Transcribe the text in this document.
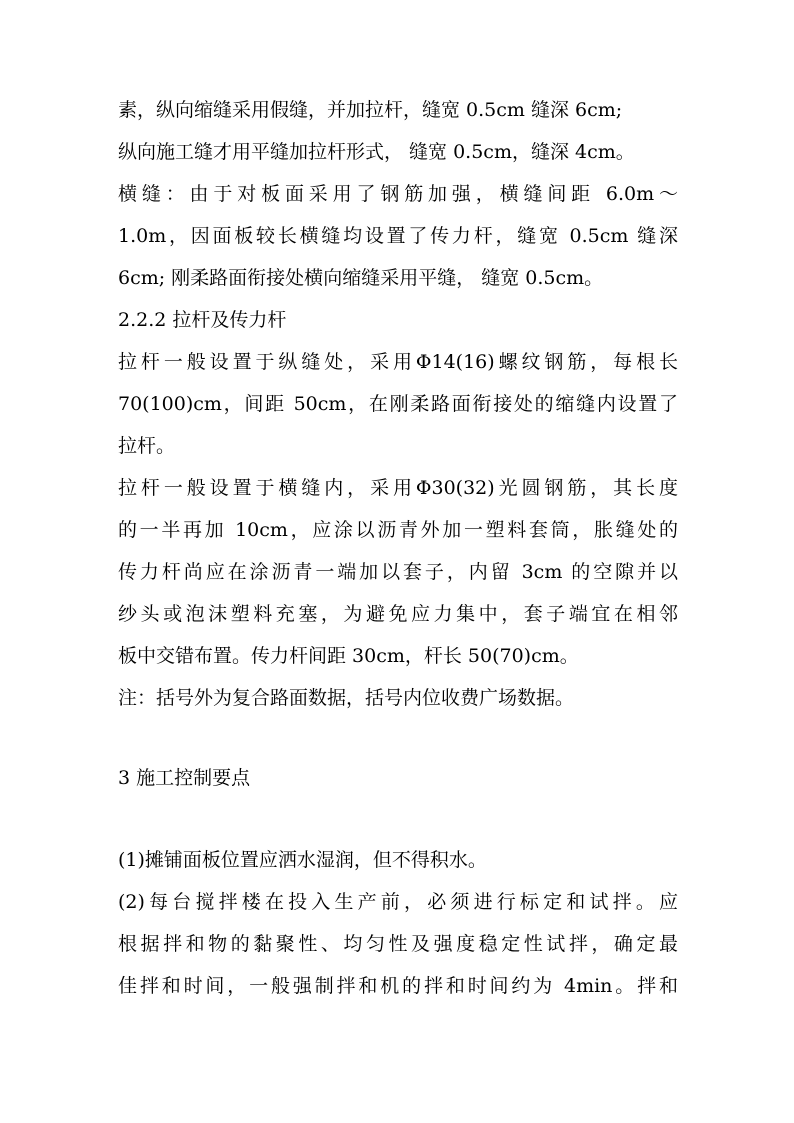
素，纵向缩缝采用假缝，并加拉杆，缝宽 0.5cm 缝深 6cm;
纵向施工缝才用平缝加拉杆形式， 缝宽 0.5cm，缝深 4cm。
横缝：由于对板面采用了钢筋加强，横缝间距 6.0m～
1.0m，因面板较长横缝均设置了传力杆，缝宽 0.5cm 缝深
6cm; 刚柔路面衔接处横向缩缝采用平缝， 缝宽 0.5cm。
2.2.2 拉杆及传力杆
拉杆一般设置于纵缝处，采用Φ14(16)螺纹钢筋，每根长
70(100)cm，间距 50cm，在刚柔路面衔接处的缩缝内设置了
拉杆。
拉杆一般设置于横缝内，采用Φ30(32)光圆钢筋，其长度
的一半再加 10cm，应涂以沥青外加一塑料套筒，胀缝处的
传力杆尚应在涂沥青一端加以套子，内留 3cm 的空隙并以
纱头或泡沫塑料充塞，为避免应力集中，套子端宜在相邻
板中交错布置。传力杆间距 30cm，杆长 50(70)cm。
注：括号外为复合路面数据，括号内位收费广场数据。
3 施工控制要点
(1)摊铺面板位置应洒水湿润，但不得积水。
(2)每台搅拌楼在投入生产前，必须进行标定和试拌。应
根据拌和物的黏聚性、均匀性及强度稳定性试拌，确定最
佳拌和时间，一般强制拌和机的拌和时间约为 4min。拌和
